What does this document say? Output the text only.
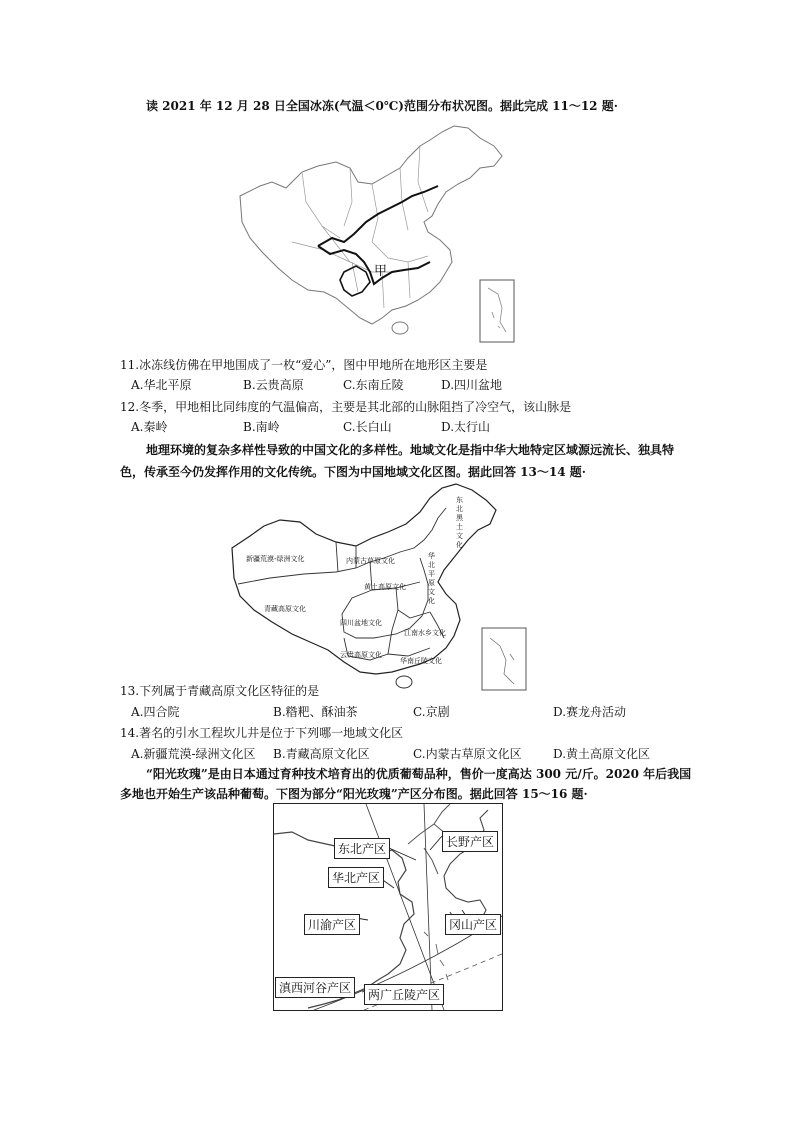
读 2021 年 12 月 28 日全国冰冻(气温＜0℃)范围分布状况图。据此完成 11～12 题·
甲
11.冰冻线仿佛在甲地围成了一枚“爱心”，图中甲地所在地形区主要是
A.华北平原	B.云贵高原	C.东南丘陵	D.四川盆地
12.冬季，甲地相比同纬度的气温偏高，主要是其北部的山脉阻挡了冷空气，该山脉是
A.秦岭	B.南岭	C.长白山	D.太行山
地理环境的复杂多样性导致的中国文化的多样性。地域文化是指中华大地特定区域源远流长、独具特
色，传承至今仍发挥作用的文化传统。下图为中国地域文化区图。据此回答 13～14 题·
东北黑土文化
新疆荒漠-绿洲文化	内蒙古草原文化
华北平原文化
黄土高原文化
青藏高原文化
四川盆地文化
江南水乡文化
云贵高原文化
华南丘陵文化
13.下列属于青藏高原文化区特征的是
A.四合院	B.糌粑、酥油茶	C.京剧	D.赛龙舟活动
14.著名的引水工程坎儿井是位于下列哪一地域文化区
A.新疆荒漠-绿洲文化区 B.青藏高原文化区	C.内蒙古草原文化区	D.黄土高原文化区
“阳光玫瑰”是由日本通过育种技术培育出的优质葡萄品种，售价一度高达 300 元/斤。2020 年后我国
多地也开始生产该品种葡萄。下图为部分“阳光玫瑰”产区分布图。据此回答 15～16 题·
东北产区	长野产区
华北产区
川渝产区	冈山产区
滇西河谷产区	两广丘陵产区
